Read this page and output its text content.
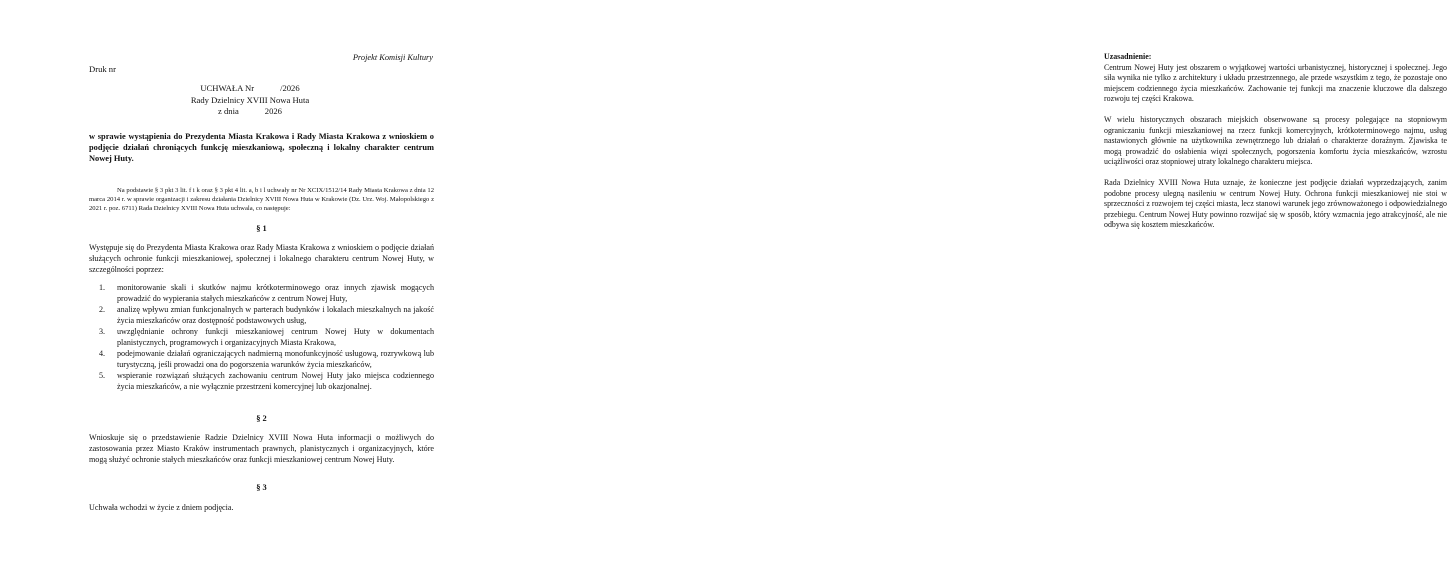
Projekt Komisji Kultury
Druk nr
UCHWAŁA Nr	/2026
Rady Dzielnicy XVIII Nowa Huta
z dnia	2026
w sprawie wystąpienia do Prezydenta Miasta Krakowa i Rady Miasta Krakowa z wnioskiem o podjęcie działań chroniących funkcję mieszkaniową, społeczną i lokalny charakter centrum Nowej Huty.
Na podstawie § 3 pkt 3 lit. f i k oraz § 3 pkt 4 lit. a, b i l uchwały nr Nr XCIX/1512/14 Rady Miasta Krakowa z dnia 12 marca 2014 r. w sprawie organizacji i zakresu działania Dzielnicy XVIII Nowa Huta w Krakowie (Dz. Urz. Woj. Małopolskiego z 2021 r. poz. 6711) Rada Dzielnicy XVIII Nowa Huta uchwala, co następuje:
§ 1
Występuje się do Prezydenta Miasta Krakowa oraz Rady Miasta Krakowa z wnioskiem o podjęcie działań służących ochronie funkcji mieszkaniowej, społecznej i lokalnego charakteru centrum Nowej Huty, w szczególności poprzez:
1.	monitorowanie skali i skutków najmu krótkoterminowego oraz innych zjawisk mogących prowadzić do wypierania stałych mieszkańców z centrum Nowej Huty,
2.	analizę wpływu zmian funkcjonalnych w parterach budynków i lokalach mieszkalnych na jakość życia mieszkańców oraz dostępność podstawowych usług,
3.	uwzględnianie ochrony funkcji mieszkaniowej centrum Nowej Huty w dokumentach planistycznych, programowych i organizacyjnych Miasta Krakowa,
4.	podejmowanie działań ograniczających nadmierną monofunkcyjność usługową, rozrywkową lub turystyczną, jeśli prowadzi ona do pogorszenia warunków życia mieszkańców,
5.	wspieranie rozwiązań służących zachowaniu centrum Nowej Huty jako miejsca codziennego życia mieszkańców, a nie wyłącznie przestrzeni komercyjnej lub okazjonalnej.
§ 2
Wnioskuje się o przedstawienie Radzie Dzielnicy XVIII Nowa Huta informacji o możliwych do zastosowania przez Miasto Kraków instrumentach prawnych, planistycznych i organizacyjnych, które mogą służyć ochronie stałych mieszkańców oraz funkcji mieszkaniowej centrum Nowej Huty.
§ 3
Uchwała wchodzi w życie z dniem podjęcia.
Uzasadnienie:

Centrum Nowej Huty jest obszarem o wyjątkowej wartości urbanistycznej, historycznej i społecznej. Jego siła wynika nie tylko z architektury i układu przestrzennego, ale przede wszystkim z tego, że pozostaje ono miejscem codziennego życia mieszkańców. Zachowanie tej funkcji ma znaczenie kluczowe dla dalszego rozwoju tej części Krakowa.

W wielu historycznych obszarach miejskich obserwowane są procesy polegające na stopniowym ograniczaniu funkcji mieszkaniowej na rzecz funkcji komercyjnych, krótkoterminowego najmu, usług nastawionych głównie na użytkownika zewnętrznego lub działań o charakterze doraźnym. Zjawiska te mogą prowadzić do osłabienia więzi społecznych, pogorszenia komfortu życia mieszkańców, wzrostu uciążliwości oraz stopniowej utraty lokalnego charakteru miejsca.

Rada Dzielnicy XVIII Nowa Huta uznaje, że konieczne jest podjęcie działań wyprzedzających, zanim podobne procesy ulegną nasileniu w centrum Nowej Huty. Ochrona funkcji mieszkaniowej nie stoi w sprzeczności z rozwojem tej części miasta, lecz stanowi warunek jego zrównoważonego i odpowiedzialnego przebiegu. Centrum Nowej Huty powinno rozwijać się w sposób, który wzmacnia jego atrakcyjność, ale nie odbywa się kosztem mieszkańców.
